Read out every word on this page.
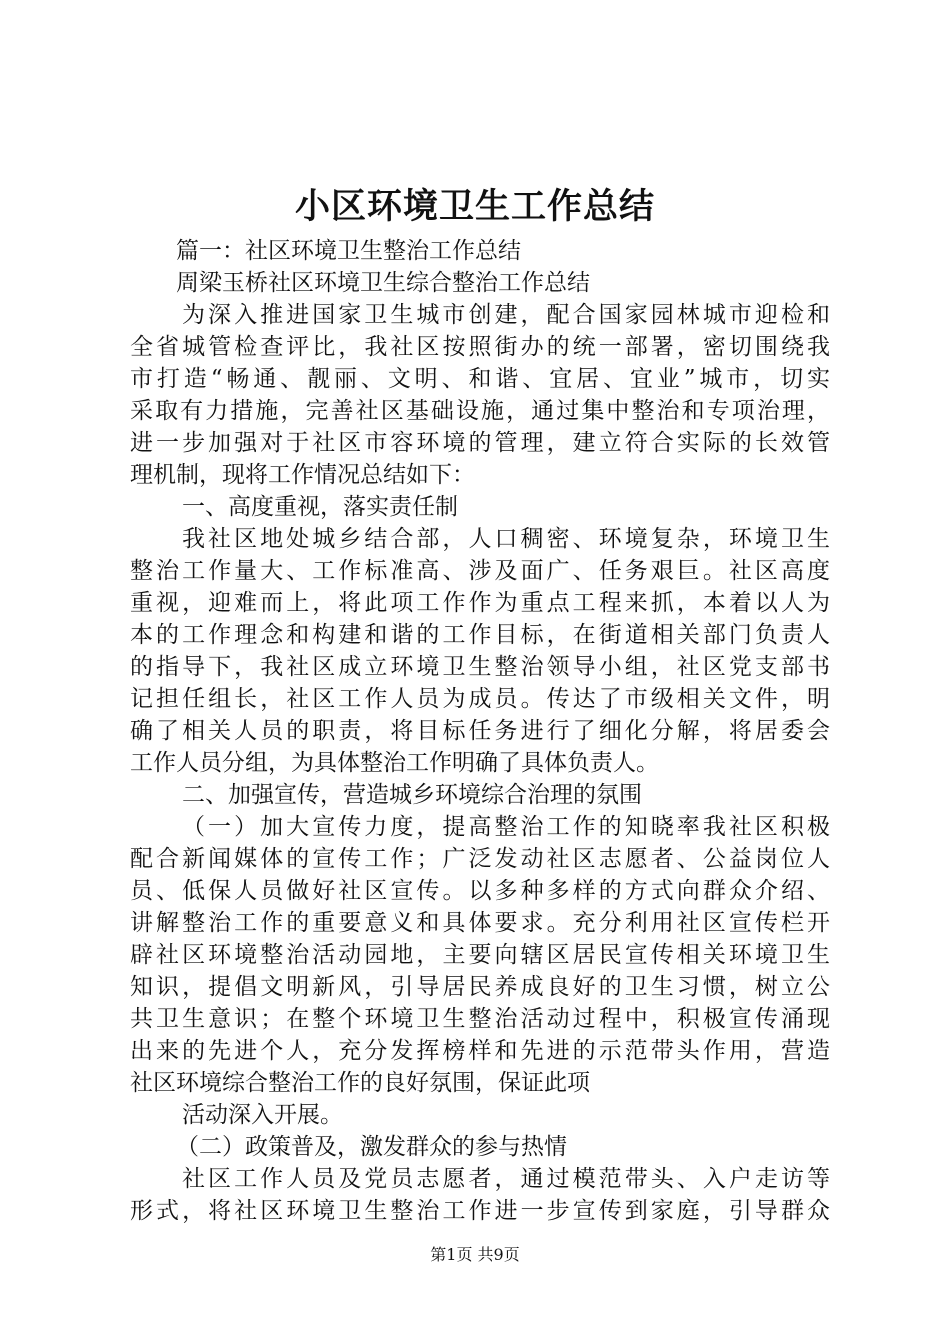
小区环境卫生工作总结

篇一：社区环境卫生整治工作总结

周梁玉桥社区环境卫生综合整治工作总结

为深入推进国家卫生城市创建，配合国家园林城市迎检和

全省城管检查评比，我社区按照街办的统一部署，密切围绕我

市打造“畅通、靓丽、文明、和谐、宜居、宜业”城市，切实

采取有力措施，完善社区基础设施，通过集中整治和专项治理，

进一步加强对于社区市容环境的管理，建立符合实际的长效管

理机制，现将工作情况总结如下：

一、高度重视，落实责任制

我社区地处城乡结合部，人口稠密、环境复杂，环境卫生

整治工作量大、工作标准高、涉及面广、任务艰巨。社区高度

重视，迎难而上，将此项工作作为重点工程来抓，本着以人为

本的工作理念和构建和谐的工作目标，在街道相关部门负责人

的指导下，我社区成立环境卫生整治领导小组，社区党支部书

记担任组长，社区工作人员为成员。传达了市级相关文件，明

确了相关人员的职责，将目标任务进行了细化分解，将居委会

工作人员分组，为具体整治工作明确了具体负责人。

二、加强宣传，营造城乡环境综合治理的氛围

（一）加大宣传力度，提高整治工作的知晓率我社区积极

配合新闻媒体的宣传工作；广泛发动社区志愿者、公益岗位人

员、低保人员做好社区宣传。以多种多样的方式向群众介绍、

讲解整治工作的重要意义和具体要求。充分利用社区宣传栏开

辟社区环境整治活动园地，主要向辖区居民宣传相关环境卫生

知识，提倡文明新风，引导居民养成良好的卫生习惯，树立公

共卫生意识；在整个环境卫生整治活动过程中，积极宣传涌现

出来的先进个人，充分发挥榜样和先进的示范带头作用，营造

社区环境综合整治工作的良好氛围，保证此项

活动深入开展。

（二）政策普及，激发群众的参与热情

社区工作人员及党员志愿者，通过模范带头、入户走访等

形式，将社区环境卫生整治工作进一步宣传到家庭，引导群众

第1页 共9页
